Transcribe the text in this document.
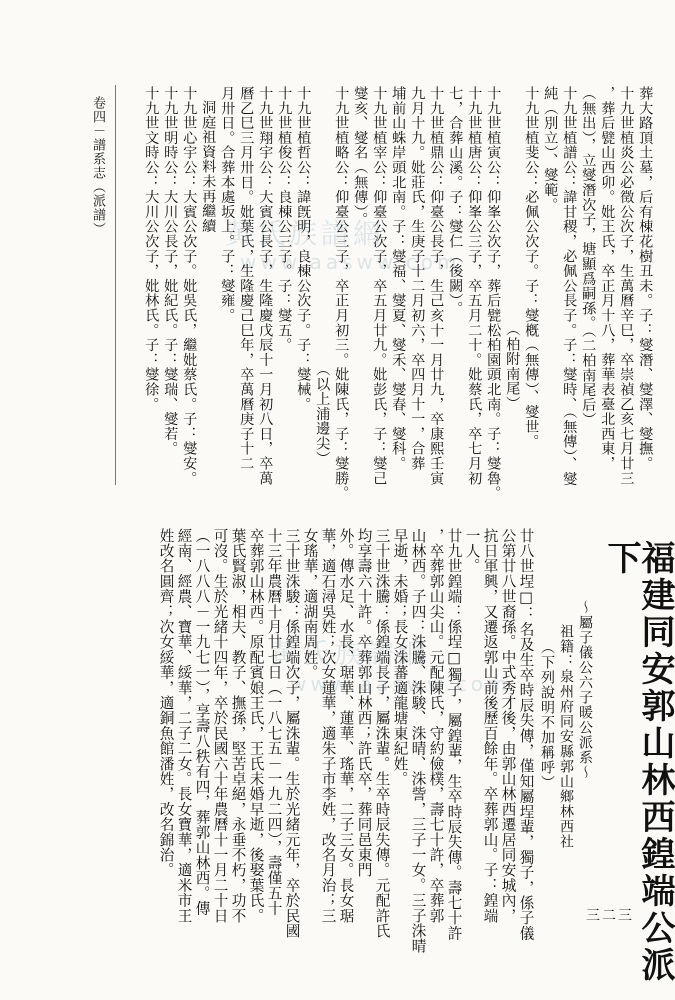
黃氏族譜網
www.aasww.com
黃氏族譜網
www.aasww.com
葬大路頂土墓，后有棟花樹丑未。子：燮潛、燮澤、燮撫。
十九世植炎公必徵公次子，生萬曆辛巳，卒崇禎乙亥七月廿三
，葬后甓山西卯。妣王氏，卒正月十八，葬華表臺北西東，
（無出），立燮潛次子，塘顯爲嗣孫。（二柏南尾后）
十九世植譜公：諱甘稷，必佩公長子。子：燮時、（無傳）、燮
純（別立）、燮範。
十九世植斐公：必佩公次子。子：燮槪（無傳）、燮世。
（柏附南尾）
十九世植寅公：仰峯公次子，葬后甓松柏園頭北南。子：燮魯。
十九世植唐公：仰峯公三子，卒五月二十。妣蔡氏，卒七月初
七，合葬山溪。子：燮仁（後闕）。
十九世植鼎公：仰臺公長子，生己亥十一月廿九，卒康熙壬寅
九月十九。妣莊氏，生庚子十二月初六，卒四月十一，合葬
埔前山蛛岸頭北南。子：燮福、燮夏、燮禾、燮春、燮科。
十九世植宰公：仰臺公次子，卒五月廿九。妣彭氏，子：燮己
燮亥、燮名（無傳）。
十九世植略公：仰臺公三子，卒正月初三。妣陳氏，子：燮勝。
（以上浦邊尖）
十九世植哲公：諱旣明，良棟公次子。子：燮械。
十九世植俊公：良棟公三子。子：燮五。
十九世翔宇公：大賓公長子，生隆慶戊辰十一月初八日，卒萬
曆乙巳三月卅日。妣葉氏，生隆慶己巳年，卒萬曆庚子十二
月卅日。合葬本處坂上。子：燮雍。
洞庭祖資料未再繼續
十九世心宇公：大賓公次子。妣吳氏，繼妣蔡氏。子：燮安。
十九世明時公：大川公長子，妣紀氏。子：燮瑞、燮若。
十九世文時公：大川公次子，妣林氏。子：燮徐。
卷四－譜系志（派譜）
福建同安郭山林西鍠端公派下
～屬子儀公六子暖公派系～
祖籍：泉州府同安縣郭山鄉林西社
（下列說明不加稱呼）
廿八世埕□：名及生卒時辰失傳，僅知屬埕輩，獨子，係子儀
公第廿八世裔孫。中式秀才後，由郭山林西遷居同安城內，
抗日軍興，又遷返郭山前後歷百餘年。卒葬郭山。子：鍠端
一人。
廿九世鍠端：係埕□獨子，屬鍠輩，生卒時辰失傳。壽七十許
，卒葬郭山尖山。元配陳氏，守約儉樸，壽七十許，卒葬郭
山林西。子四：洙騰、洙駿、洙晴、洙訾，三子一女。三子洙晴
早逝，未婚；長女洙蕃適龍塘東紀姓。
三十世洙騰：係鍠端長子，屬洙輩。生卒時辰失傳。元配許氏
均享壽六十許。卒葬郭山林西；許氏卒，葬同邑東門
外。傳水足、水長、琚華、蓮華、瑤華，二子三女。長女琚
華，適石潯吳姓；次女蓮華，適朱子市李姓，改名月治；三
女瑤華，適湖南周姓。
三十世洙駿：係鍠端次子，屬洙輩。生於光緒元年，卒於民國
十三年農曆十月廿七日（一八七五－一九二四），壽僅五十
卒葬郭山林西。原配賓娘王氏，王氏未婚早逝，後娶葉氏。
葉氏賢淑，相夫、教子、撫孫，堅苦卓絕，永垂不朽，功不
可沒。生於光緒十四年，卒於民國六十年農曆十一月二十日
（一八八八－一九七一），享壽八秩有四，葬郭山林西。傳
經南、經農、寶華、綏華，二子二女。長女寶華，適米市王
姓改名圓齊；次女綏華，適銅魚館潘姓，改名錦治。
三二三
